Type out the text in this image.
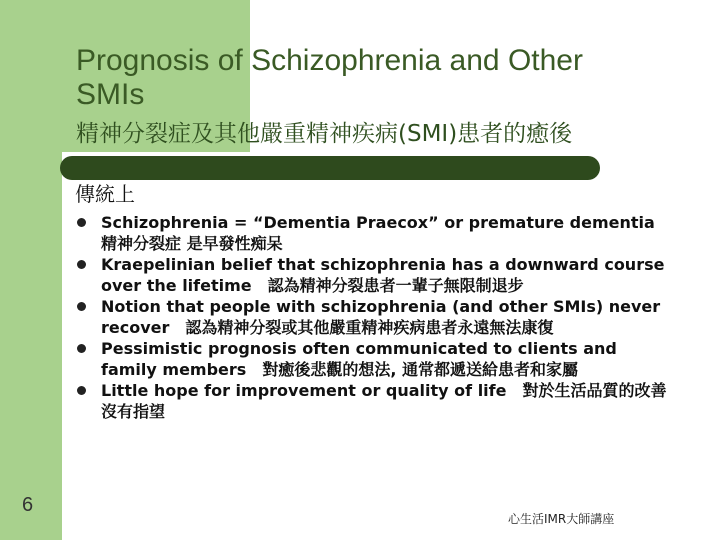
Prognosis of Schizophrenia and Other SMIs
精神分裂症及其他嚴重精神疾病(SMI)患者的癒後
傳統上
Schizophrenia = “Dementia Praecox” or premature dementia　精神分裂症 是早發性痴呆
Kraepelinian belief that schizophrenia has a downward course over the lifetime　認為精神分裂患者一輩子無限制退步
Notion that people with schizophrenia (and other SMIs) never recover　認為精神分裂或其他嚴重精神疾病患者永遠無法康復
Pessimistic prognosis often communicated to clients and family members　對癒後悲觀的想法, 通常都遞送給患者和家屬
Little hope for improvement or quality of life　對於生活品質的改善沒有指望
6
心生活IMR大師講座
